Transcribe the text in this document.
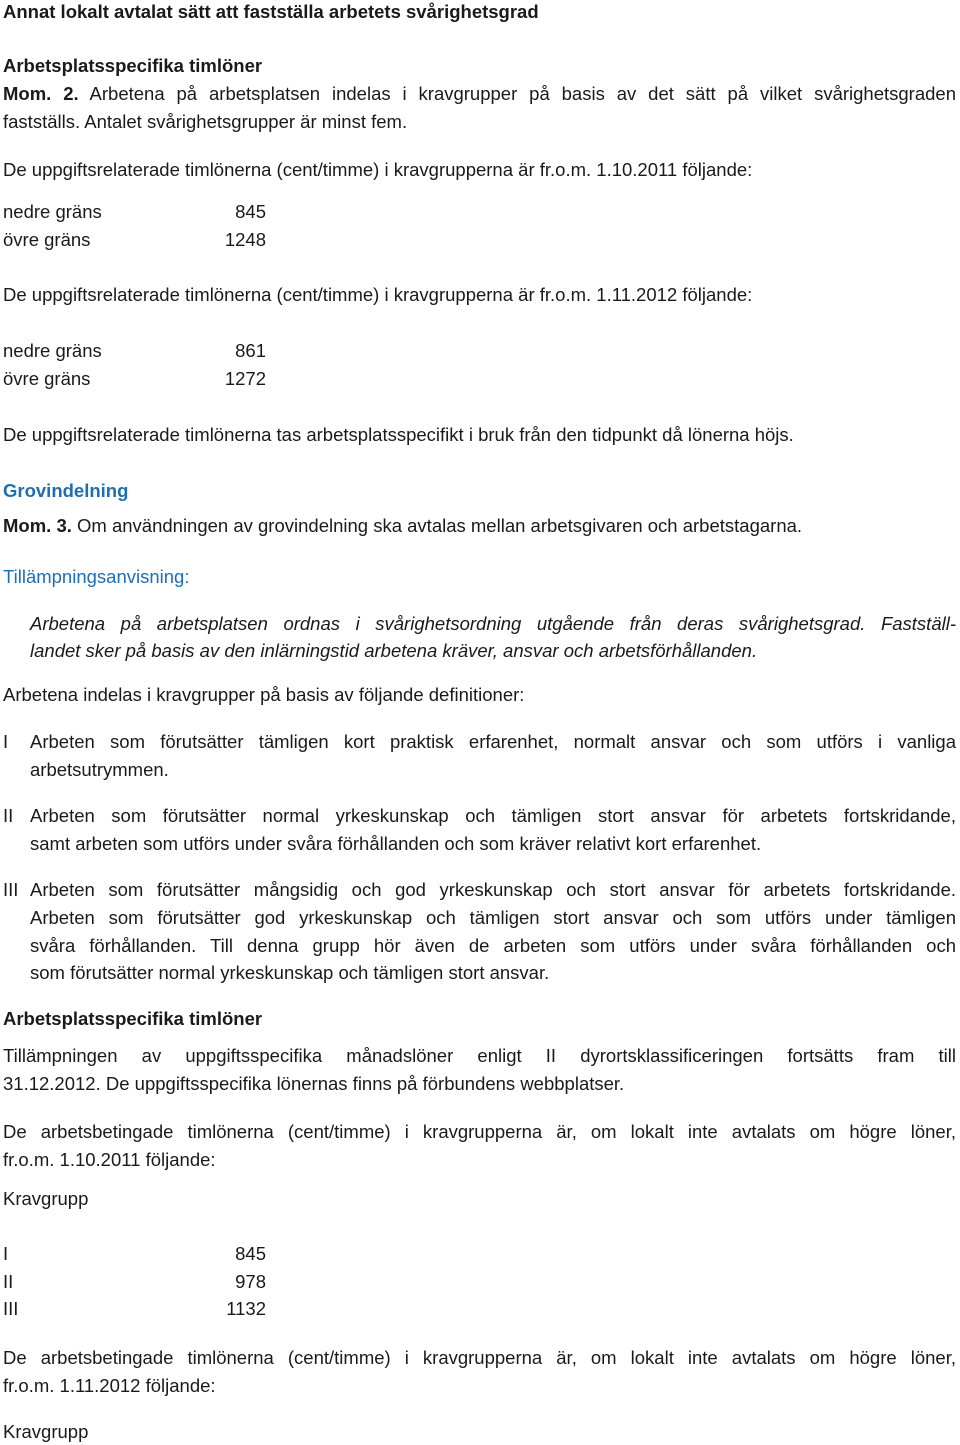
Annat lokalt avtalat sätt att fastställa arbetets svårighetsgrad
Arbetsplatsspecifika timlöner
Mom. 2. Arbetena på arbetsplatsen indelas i kravgrupper på basis av det sätt på vilket svårighetsgraden
fastställs. Antalet svårighetsgrupper är minst fem.
De uppgiftsrelaterade timlönerna (cent/timme) i kravgrupperna är fr.o.m. 1.10.2011 följande:
nedre gräns	845
övre gräns	1248
De uppgiftsrelaterade timlönerna (cent/timme) i kravgrupperna är fr.o.m. 1.11.2012 följande:
nedre gräns	861
övre gräns	1272
De uppgiftsrelaterade timlönerna tas arbetsplatsspecifikt i bruk från den tidpunkt då lönerna höjs.
Grovindelning
Mom. 3. Om användningen av grovindelning ska avtalas mellan arbetsgivaren och arbetstagarna.
Tillämpningsanvisning:
Arbetena på arbetsplatsen ordnas i svårighetsordning utgående från deras svårighetsgrad. Fastställ-
landet sker på basis av den inlärningstid arbetena kräver, ansvar och arbetsförhållanden.
Arbetena indelas i kravgrupper på basis av följande definitioner:
I Arbeten som förutsätter tämligen kort praktisk erfarenhet, normalt ansvar och som utförs i vanliga
arbetsutrymmen.
II Arbeten som förutsätter normal yrkeskunskap och tämligen stort ansvar för arbetets fortskridande,
samt arbeten som utförs under svåra förhållanden och som kräver relativt kort erfarenhet.
III Arbeten som förutsätter mångsidig och god yrkeskunskap och stort ansvar för arbetets fortskridande.
Arbeten som förutsätter god yrkeskunskap och tämligen stort ansvar och som utförs under tämligen
svåra förhållanden. Till denna grupp hör även de arbeten som utförs under svåra förhållanden och
som förutsätter normal yrkeskunskap och tämligen stort ansvar.
Arbetsplatsspecifika timlöner
Tillämpningen av uppgiftsspecifika månadslöner enligt II dyrortsklassificeringen fortsätts fram till
31.12.2012. De uppgiftsspecifika lönernas finns på förbundens webbplatser.
De arbetsbetingade timlönerna (cent/timme) i kravgrupperna är, om lokalt inte avtalats om högre löner,
fr.o.m. 1.10.2011 följande:
Kravgrupp
I	845
II	978
III	1132
De arbetsbetingade timlönerna (cent/timme) i kravgrupperna är, om lokalt inte avtalats om högre löner,
fr.o.m. 1.11.2012 följande:
Kravgrupp
